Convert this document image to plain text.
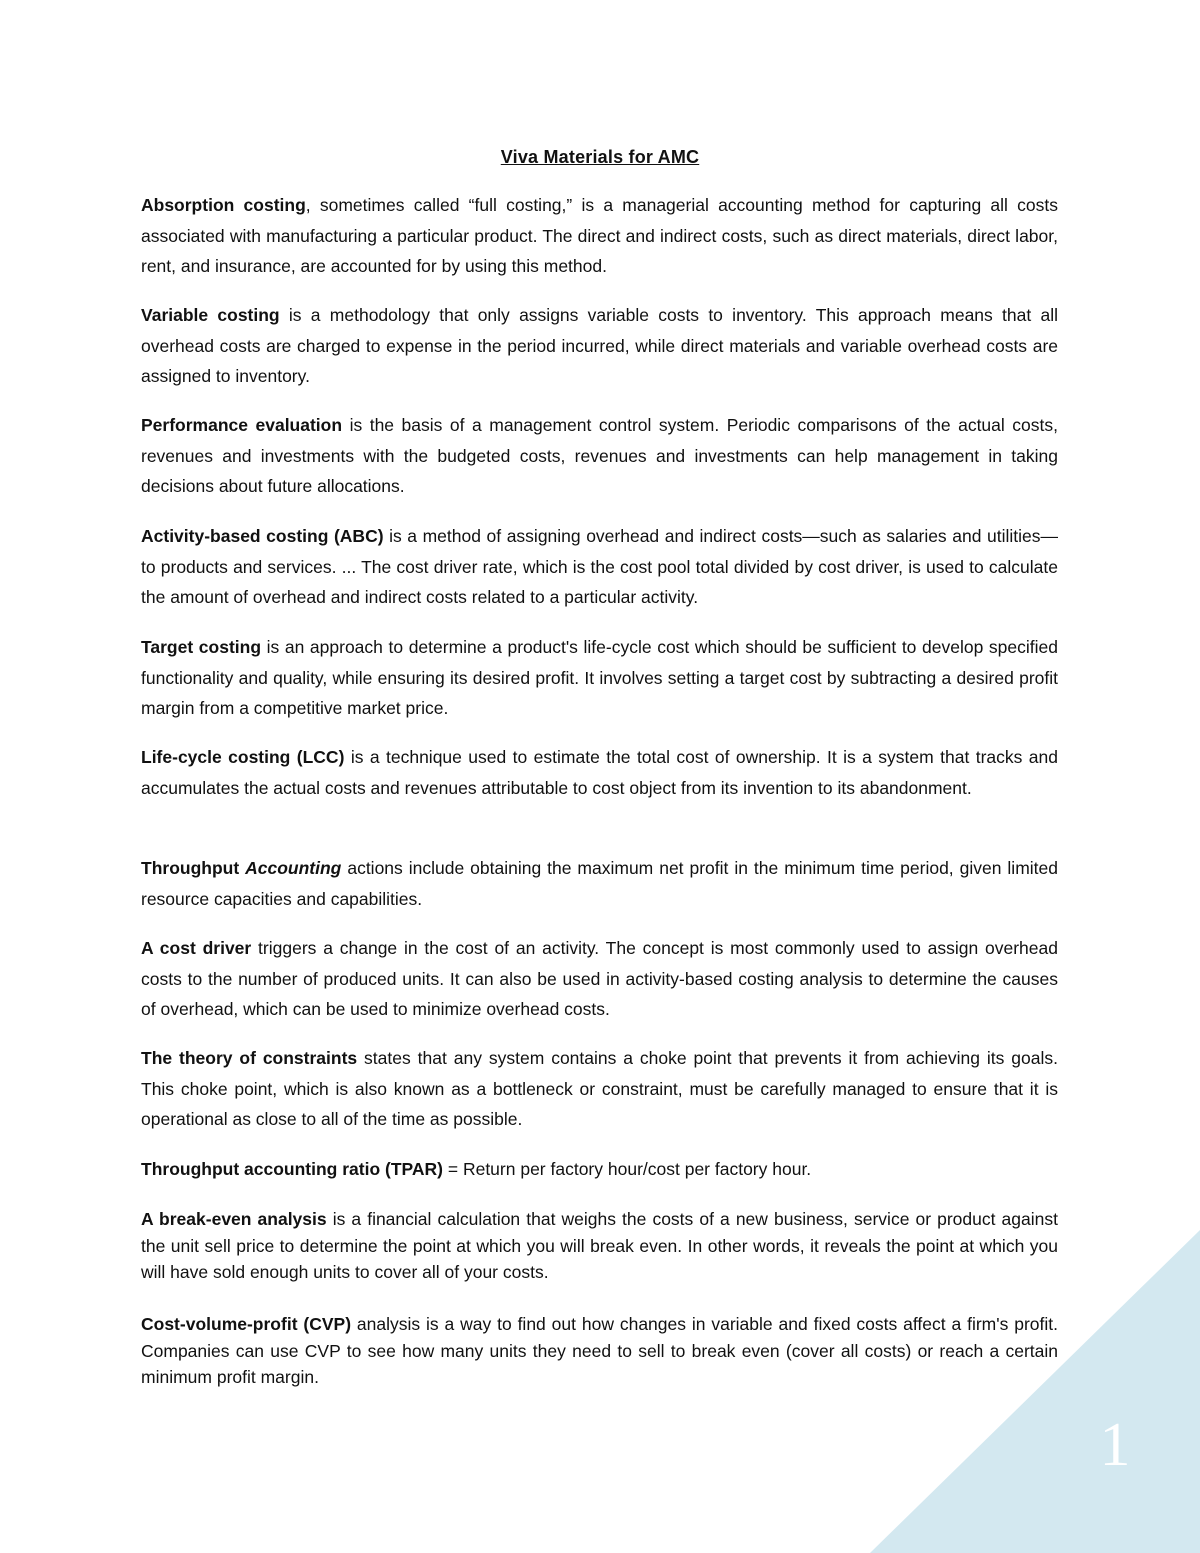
1
Viva Materials for AMC

Absorption costing, sometimes called “full costing,” is a managerial accounting method for capturing all costs associated with manufacturing a particular product. The direct and indirect costs, such as direct materials, direct labor, rent, and insurance, are accounted for by using this method.

Variable costing is a methodology that only assigns variable costs to inventory. This approach means that all overhead costs are charged to expense in the period incurred, while direct materials and variable overhead costs are assigned to inventory.

Performance evaluation is the basis of a management control system. Periodic comparisons of the actual costs, revenues and investments with the budgeted costs, revenues and investments can help management in taking decisions about future allocations.

Activity-based costing (ABC) is a method of assigning overhead and indirect costs—such as salaries and utilities—to products and services. ... The cost driver rate, which is the cost pool total divided by cost driver, is used to calculate the amount of overhead and indirect costs related to a particular activity.

Target costing is an approach to determine a product's life-cycle cost which should be sufficient to develop specified functionality and quality, while ensuring its desired profit. It involves setting a target cost by subtracting a desired profit margin from a competitive market price.

Life-cycle costing (LCC) is a technique used to estimate the total cost of ownership. It is a system that tracks and accumulates the actual costs and revenues attributable to cost object from its invention to its abandonment.

Throughput Accounting actions include obtaining the maximum net profit in the minimum time period, given limited resource capacities and capabilities.

A cost driver triggers a change in the cost of an activity. The concept is most commonly used to assign overhead costs to the number of produced units. It can also be used in activity-based costing analysis to determine the causes of overhead, which can be used to minimize overhead costs.

The theory of constraints states that any system contains a choke point that prevents it from achieving its goals. This choke point, which is also known as a bottleneck or constraint, must be carefully managed to ensure that it is operational as close to all of the time as possible.

Throughput accounting ratio (TPAR) = Return per factory hour/cost per factory hour.

A break-even analysis is a financial calculation that weighs the costs of a new business, service or product against the unit sell price to determine the point at which you will break even. In other words, it reveals the point at which you will have sold enough units to cover all of your costs.

Cost-volume-profit (CVP) analysis is a way to find out how changes in variable and fixed costs affect a firm's profit. Companies can use CVP to see how many units they need to sell to break even (cover all costs) or reach a certain minimum profit margin.
